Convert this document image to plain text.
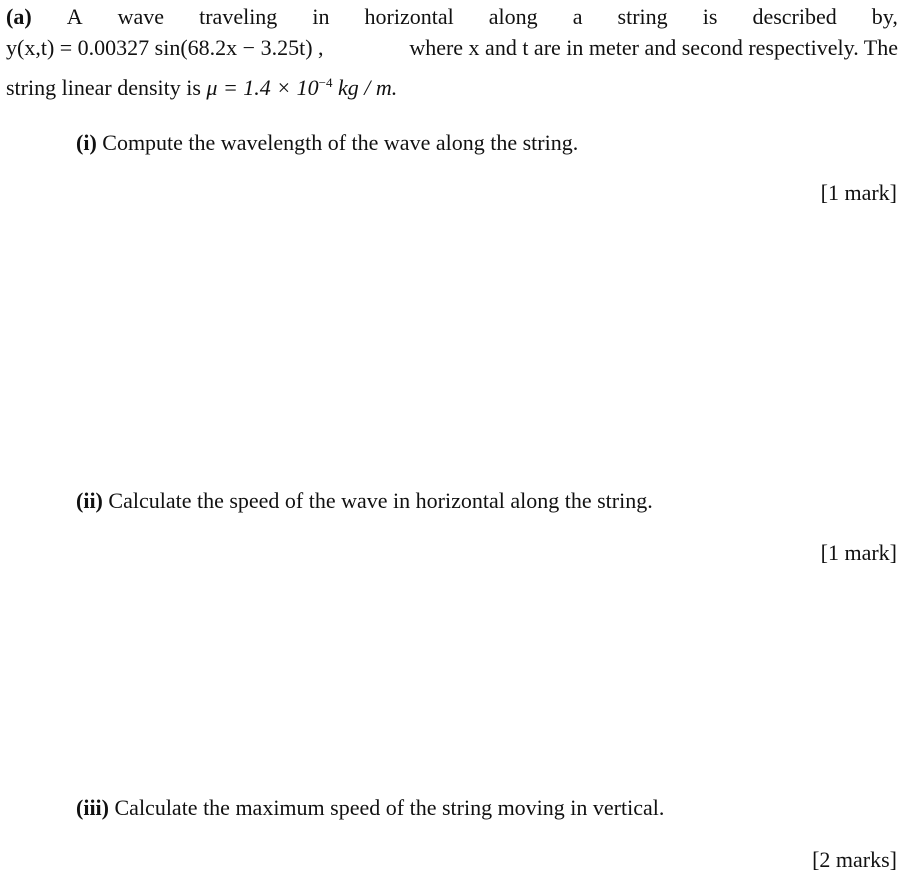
(a) A wave traveling in horizontal along a string is described by,
y(x,t) = 0.00327 sin(68.2x − 3.25t) ,	where x and t are in meter and second respectively. The
string linear density is $\mu = 1.4 \times 10^{-4}$ kg / m.
(i) Compute the wavelength of the wave along the string.
[1 mark]
(ii) Calculate the speed of the wave in horizontal along the string.
[1 mark]
(iii) Calculate the maximum speed of the string moving in vertical.
[2 marks]
